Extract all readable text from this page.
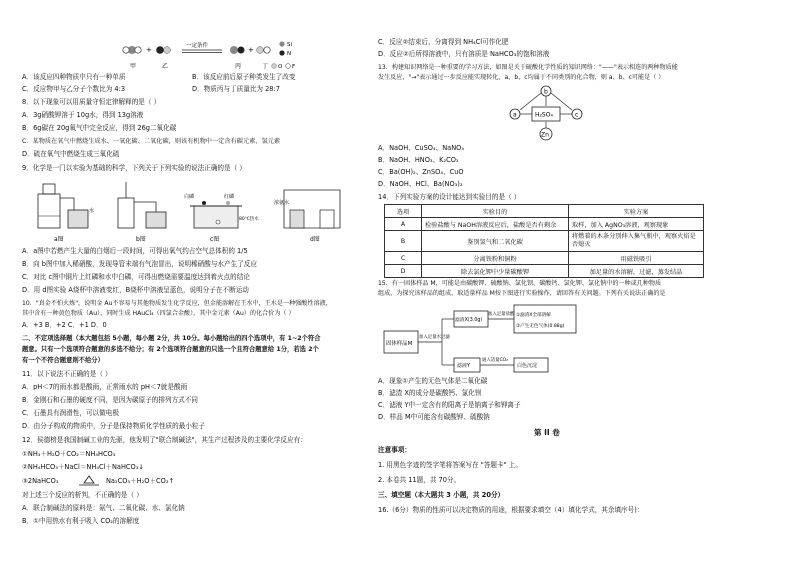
+	一定条件	+
Si
N
甲	乙	丙	丁 O F
A．该反应四种物质中只有一种单质	B．该反应前后原子种类发生了改变
C．反应物甲与乙分子个数比为 4:3	D．物质丙与丁质量比为 28:7
8．以下现象可以用质量守恒定律解释的是（ ）
A．3g硝酸钾溶于 10g水，得到 13g溶液
B．6g碳在 20g氧气中完全反应，得到 26g二氧化碳
C．某物质在氧气中燃烧生成水、一氧化碳、二氧化碳，则该有机物中一定含有碳元素、氢元素
D．硫在氧气中燃烧生成三氧化硫
9．化学是一门以实验为基础的科学，下列关于下列实验的说法正确的是（ ）
水
a图	b图
白磷	红磷
80℃热水
c图
浓氨水
d图
A．a图中若燃产生大量的白烟后一段时间，可得出氧气约占空气总体积的 1/5
B．向 b图中加入稀硝酸，发现导管末端有气泡冒出，说明稀硝酸与水产生了反应
C．对比 c图中铜片上红磷和水中白磷，可得出燃烧需要温度达到着火点的结论
D．用 d图实验 A烧杯中溶液变红，B烧杯中溶液呈蓝色，说明分子在不断运动
10．"真金不怕火炼"，说明金 Au不容易与其他物质发生化学反应，但金能溶解在王水中，王水是一种强酸性溶液，
其中含有一种黄色物质（Au），同时生成 HAuCl₄（四氯合金酸），其中金元素（Au）的化合价为（ ）
A．+3 B．+2 C．+1 D．0
二、不定项选择题（本大题包括 5小题，每小题 2分，共 10分。每小题给出的四个选项中，有 1~2个符合
题意。只有一个选项符合题意的多选不给分；有 2个选项符合题意的只选一个且符合题意给 1分，若选 2个
有一个不符合题意则不给分）
11．以下说法不正确的是（ ）
A．pH＜7的雨水都是酸雨，正常雨水的 pH＜7就是酸雨
B．金刚石和石墨的硬度不同，是因为碳原子的排列方式不同
C．石墨具有润滑性，可以做电极
D．由分子构成的物质中，分子是保持物质化学性质的最小粒子
12．侯德榜是我国制碱工业的先驱，他发明了"联合制碱法"，其生产过程涉及的主要化学反应有：
①NH₃＋H₂O＋CO₂＝NH₄HCO₃
②NH₄HCO₃＋NaCl＝NH₄Cl＋NaHCO₃↓
③2NaHCO₃	Na₂CO₃＋H₂O＋CO₂↑
对上述三个反应的析判，不正确的是（ ）
A．联合制碱法的原料是：氨气、二氧化碳、水、氯化钠
B．①中用热水有利于吸入 CO₂的溶解度
C．反应②结束后，分离得到 NH₄Cl可作化肥
D．反应②后所得溶液中，只有溶质是 NaHCO₃的饱和溶液
13．构建知识网络是一种重要的学习方法，如图是关于硫酸化学性质的知识网络："——"表示相连的两种物质能
发生反应，"→"表示通过一步反应能实现转化，a、b、c均属于不同类别的化合物，则 a、b、c可能是（ ）
b
a	c
H₂SO₄
Zn
A．NaOH、CuSO₄、NaNO₃
B．NaOH、HNO₃、K₂CO₃
C．Ba(OH)₂、ZnSO₄、CuO
D．NaOH、HCl、Ba(NO₃)₂
14．下列实验方案的设计能达到实验目的是（ ）
选项	实验目的	实验方案
A	检验盐酸与 NaOH溶液反应后，盐酸是否有剩余	取样，加入 AgNO₃溶液，观察现象
B	鉴别氢气和二氧化碳	将燃着的木条分别伸入集气瓶中，观察火焰是否熄灭
C	分离铁粉和铜粉	用磁铁吸引
D	除去氯化钾中少量碳酸钾	加足量的水溶解，过滤，蒸发结晶
15．有一固体样品 M，可能是由碳酸钾、硫酸钠、氯化钡、碳酸钙、氯化钾、氯化钠中的一种或几种物质
组成，为探究该样品的组成，取适量样品 M按下图进行实验操作，请回答有关问题。下列有关说法正确的是
固体样品M
加入足量水过滤
滤渣X(3.0g)
加入足量盐酸 ①滤渣X全部溶解
②产生无色气体(0.88g)
滤液Y
通入适量CO₂
白色沉淀
A．现象①产生的无色气体是二氧化碳
B．滤渣 X的成分是碳酸钙、氯化钡
C．滤液 Y中一定含有的阳离子是钠离子和钾离子
D．样品 M中可能含有碳酸钾、硫酸钠
第 II 卷
注意事项：
1. 用黑色字迹的签字笔将答案写在 "答题卡" 上。
2. 本卷共 11题，共 70分。
三、填空题（本大题共 3 小题，共 20分）
16.（6分）物质的性质可以决定物质的用途，根据要求填空（4）填化学式，其余填序号)：
